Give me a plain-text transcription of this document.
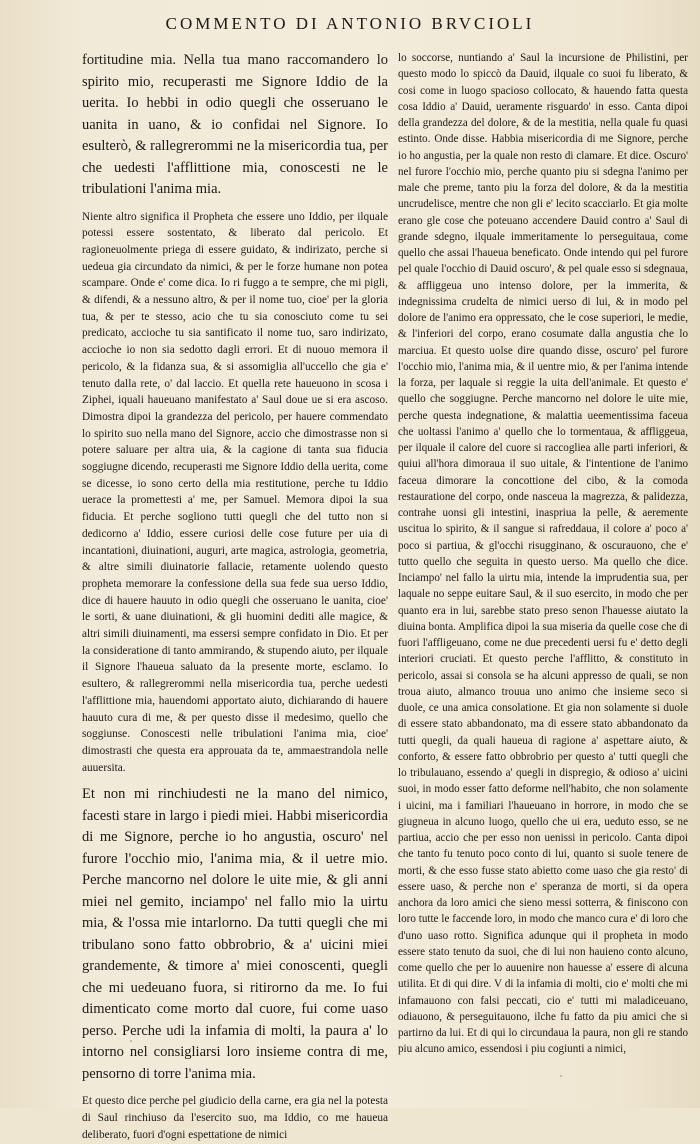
COMMENTO DI ANTONIO BRVCIOLI

fortitudine mia. Nella tua mano raccomandero lo spirito mio, recuperasti me Signore Iddio de la uerita. Io hebbi in odio quegli che osseruano le uanita in uano, & io confidai nel Signore. Io esulterò, & rallegrerommi ne la misericordia tua, per che uedesti l'afflittione mia, conoscesti ne le tribulationi l'anima mia.

Niente altro significa il Propheta che essere uno Iddio, per ilquale potessi essere sostentato, & liberato dal pericolo. Et ragioneuolmente priega di essere guidato, & indirizato, perche si uedeua gia circundato da nimici, & per le forze humane non potea scampare. Onde e' come dica. Io ri fuggo a te sempre, che mi pigli, & difendi, & a nessuno altro, & per il nome tuo, cioe' per la gloria tua, & per te stesso, acio che tu sia conosciuto come tu sei predicato, accioche tu sia santificato il nome tuo, saro indirizato, accioche io non sia sedotto dagli errori. Et di nuouo memora il pericolo, & la fidanza sua, & si assomiglia all'uccello che gia e' tenuto dalla rete, o' dal laccio. Et quella rete haueuono in scosa i Ziphei, iquali haueuano manifestato a' Saul doue ue si era ascoso. Dimostra dipoi la grandezza del pericolo, per hauere commendato lo spirito suo nella mano del Signore, accio che dimostrasse non si potere saluare per altra uia, & la cagione di tanta sua fiducia soggiugne dicendo, recuperasti me Signore Iddio della uerita, come se dicesse, io sono certo della mia restitutione, perche tu Iddio uerace la promettesti a' me, per Samuel. Memora dipoi la sua fiducia. Et perche sogliono tutti quegli che del tutto non si dedicorno a' Iddio, essere curiosi delle cose future per uia di incantationi, diuinationi, auguri, arte magica, astrologia, geometria, & altre simili diuinatorie fallacie, retamente uolendo questo propheta memorare la confessione della sua fede sua uerso Iddio, dice di hauere hauuto in odio quegli che osseruano le uanita, cioe' le sorti, & uane diuinationi, & gli huomini dediti alle magice, & altri simili diuinamenti, ma essersi sempre confidato in Dio. Et per la consideratione di tanto ammirando, & stupendo aiuto, per ilquale il Signore l'haueua saluato da la presente morte, esclamo. Io esultero, & rallegrerommi nella misericordia tua, perche uedesti l'afflittione mia, hauendomi apportato aiuto, dichiarando di hauere hauuto cura di me, & per questo disse il medesimo, quello che soggiunse. Conoscesti nelle tribulationi l'anima mia, cioe' dimostrasti che questa era approuata da te, ammaestrandola nelle auuersita.

Et non mi rinchiudesti ne la mano del nimico, facesti stare in largo i piedi miei. Habbi misericordia di me Signore, perche io ho angustia, oscuro' nel furore l'occhio mio, l'anima mia, & il uetre mio. Perche mancorno nel dolore le uite mie, & gli anni miei nel gemito, inciampo' nel fallo mio la uirtu mia, & l'ossa mie intarlorno. Da tutti quegli che mi tribulano sono fatto obbrobrio, & a' uicini miei grandemente, & timore a' miei conoscenti, quegli che mi uedeuano fuora, si ritirorno da me. Io fui dimenticato come morto dal cuore, fui come uaso perso. Perche udi la infamia di molti, la paura a' lo intorno nel consigliarsi loro insieme contra di me, pensorno di torre l'anima mia.

Et questo dice perche pel giudicio della carne, era gia nel la potesta di Saul rinchiuso da l'esercito suo, ma Iddio, co me haueua deliberato, fuori d'ogni espettatione de nimici

lo soccorse, nuntiando a' Saul la incursione de Philistini, per questo modo lo spiccò da Dauid, ilquale co suoi fu liberato, & cosi come in luogo spacioso collocato, & hauendo fatta questa cosa Iddio a' Dauid, ueramente risguardo' in esso. Canta dipoi della grandezza del dolore, & de la mestitia, nella quale fu quasi estinto. Onde disse. Habbia misericordia di me Signore, perche io ho angustia, per la quale non resto di clamare. Et dice. Oscuro' nel furore l'occhio mio, perche quanto piu si sdegna l'animo per male che preme, tanto piu la forza del dolore, & da la mestitia uncrudelisce, mentre che non gli e' lecito scacciarlo. Et gia molte erano gle cose che poteuano accendere Dauid contro a' Saul di grande sdegno, ilquale immeritamente lo perseguitaua, come quello che assai l'haueua beneficato. Onde intendo qui pel furore pel quale l'occhio di Dauid oscuro', & pel quale esso si sdegnaua, & affliggeua uno intenso dolore, per la immerita, & indegnissima crudelta de nimici uerso di lui, & in modo pel dolore de l'animo era oppressato, che le cose superiori, le medie, & l'inferiori del corpo, erano cosumate dalla angustia che lo marciua. Et questo uolse dire quando disse, oscuro' pel furore l'occhio mio, l'anima mia, & il uentre mio, & per l'anima intende la forza, per laquale si reggie la uita dell'animale. Et questo e' quello che soggiugne. Perche mancorno nel dolore le uite mie, perche questa indegnatione, & malattia ueementissima faceua che uoltassi l'animo a' quello che lo tormentaua, & affliggeua, per ilquale il calore del cuore si raccogliea alle parti inferiori, & quiui all'hora dimoraua il suo uitale, & l'intentione de l'animo faceua dimorare la concottione del cibo, & la comoda restauratione del corpo, onde nasceua la magrezza, & palidezza, contrahe uonsi gli intestini, inaspriua la pelle, & aeremente uscitua lo spirito, & il sangue si rafreddaua, il colore a' poco a' poco si partiua, & gl'occhi risugginano, & oscurauono, che e' tutto quello che seguita in questo uerso. Ma quello che dice. Inciampo' nel fallo la uirtu mia, intende la imprudentia sua, per laquale no seppe euitare Saul, & il suo esercito, in modo che per quanto era in lui, sarebbe stato preso senon l'hauesse aiutato la diuina bonta. Amplifica dipoi la sua miseria da quelle cose che di fuori l'affligeuano, come ne due precedenti uersi fu e' detto degli interiori cruciati. Et questo perche l'afflitto, & constituto in pericolo, assai si consola se ha alcuni appresso de quali, se non troua aiuto, almanco trouua uno animo che insieme seco si duole, ce una amica consolatione. Et gia non solamente si duole di essere stato abbandonato, ma di essere stato abbandonato da tutti quegli, da quali haueua di ragione a' aspettare aiuto, & conforto, & essere fatto obbrobrio per questo a' tutti quegli che lo tribulauano, essendo a' quegli in dispregio, & odioso a' uicini suoi, in modo esser fatto deforme nell'habito, che non solamente i uicini, ma i familiari l'haueuano in horrore, in modo che se giugneua in alcuno luogo, quello che ui era, ueduto esso, se ne partiua, accio che per esso non uenissi in pericolo. Canta dipoi che tanto fu tenuto poco conto di lui, quanto si suole tenere de morti, & che esso fusse stato abietto come uaso che gia resto' di essere uaso, & perche non e' speranza de morti, si da opera anchora da loro amici che sieno messi sotterra, & finiscono con loro tutte le faccende loro, in modo che manco cura e' di loro che d'uno uaso rotto. Significa adunque qui il propheta in modo essere stato tenuto da suoi, che di lui non hauieno conto alcuno, come quello che per lo auuenire non hauesse a' essere di alcuna utilita. Et di qui dire. V di la infamia di molti, cio e' molti che mi infamauono con falsi peccati, cio e' tutti mi maladiceuano, odiauono, & perseguitauono, ilche fu fatto da piu amici che si partirno da lui. Et di qui lo circundaua la paura, non gli re stando piu alcuno amico, essendosi i piu cogiunti a nimici,
